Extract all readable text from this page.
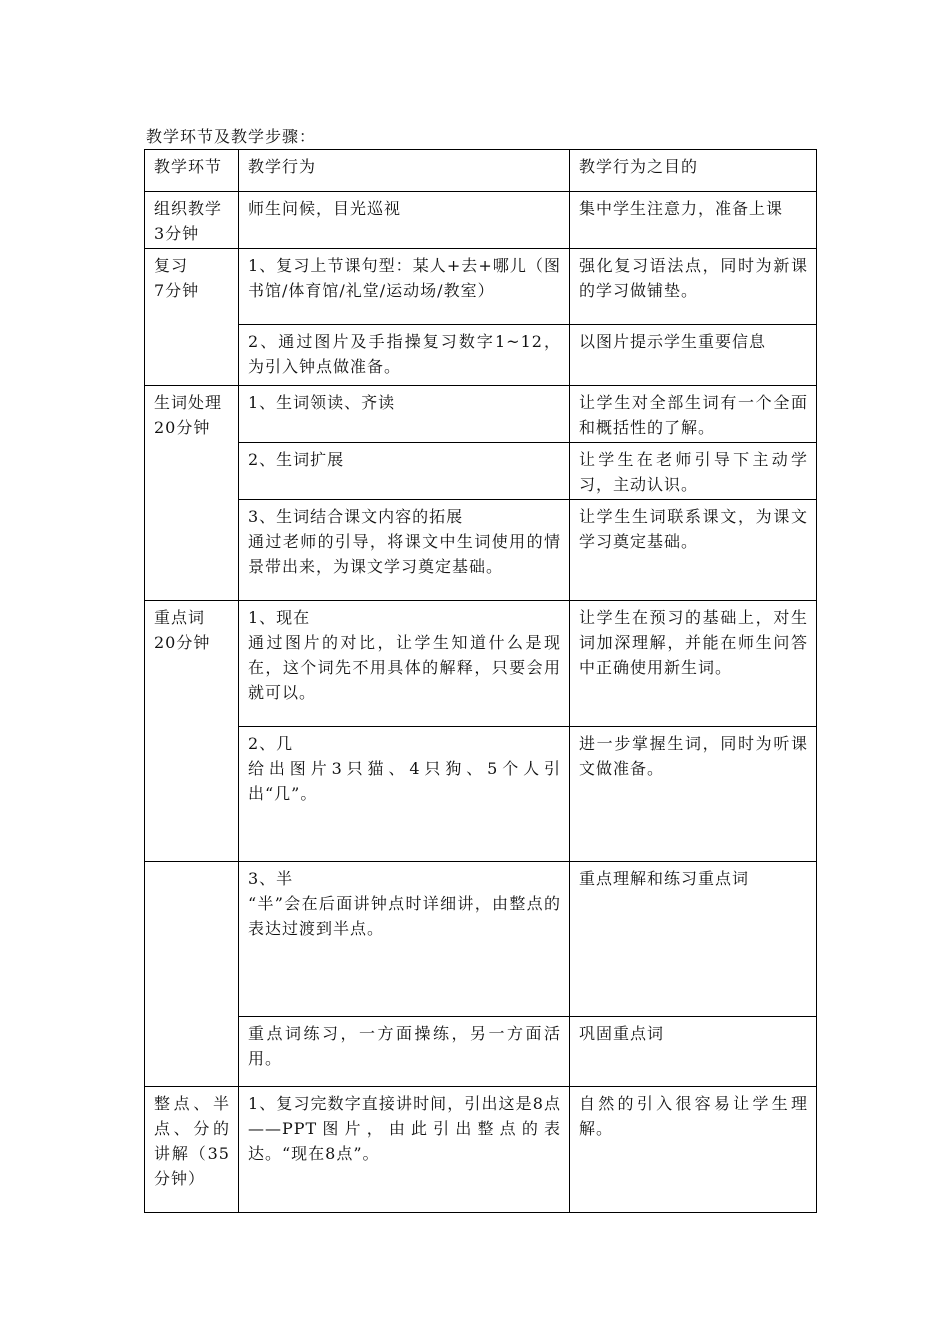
教学环节及教学步骤：
教学环节	教学行为	教学行为之目的
组织教学
3分钟	师生问候，目光巡视	集中学生注意力，准备上课
复习
7分钟	1、复习上节课句型：某人+去+哪儿（图书馆/体育馆/礼堂/运动场/教室）	强化复习语法点，同时为新课的学习做铺垫。
	2、通过图片及手指操复习数字1~12，为引入钟点做准备。	以图片提示学生重要信息
生词处理
20分钟	1、生词领读、齐读	让学生对全部生词有一个全面和概括性的了解。
	2、生词扩展	让学生在老师引导下主动学习，主动认识。
	3、生词结合课文内容的拓展
通过老师的引导，将课文中生词使用的情景带出来，为课文学习奠定基础。	让学生生词联系课文，为课文学习奠定基础。
重点词
20分钟	1、现在
通过图片的对比，让学生知道什么是现在，这个词先不用具体的解释，只要会用就可以。	让学生在预习的基础上，对生词加深理解，并能在师生问答中正确使用新生词。
	2、几
给出图片3只猫、4只狗、5个人引出“几”。	进一步掌握生词，同时为听课文做准备。
	3、半
“半”会在后面讲钟点时详细讲，由整点的表达过渡到半点。	重点理解和练习重点词
	重点词练习，一方面操练，另一方面活用。	巩固重点词
整点、半点、分的讲解（35分钟）	1、复习完数字直接讲时间，引出这是8点——PPT图片，由此引出整点的表达。“现在8点”。	自然的引入很容易让学生理解。
